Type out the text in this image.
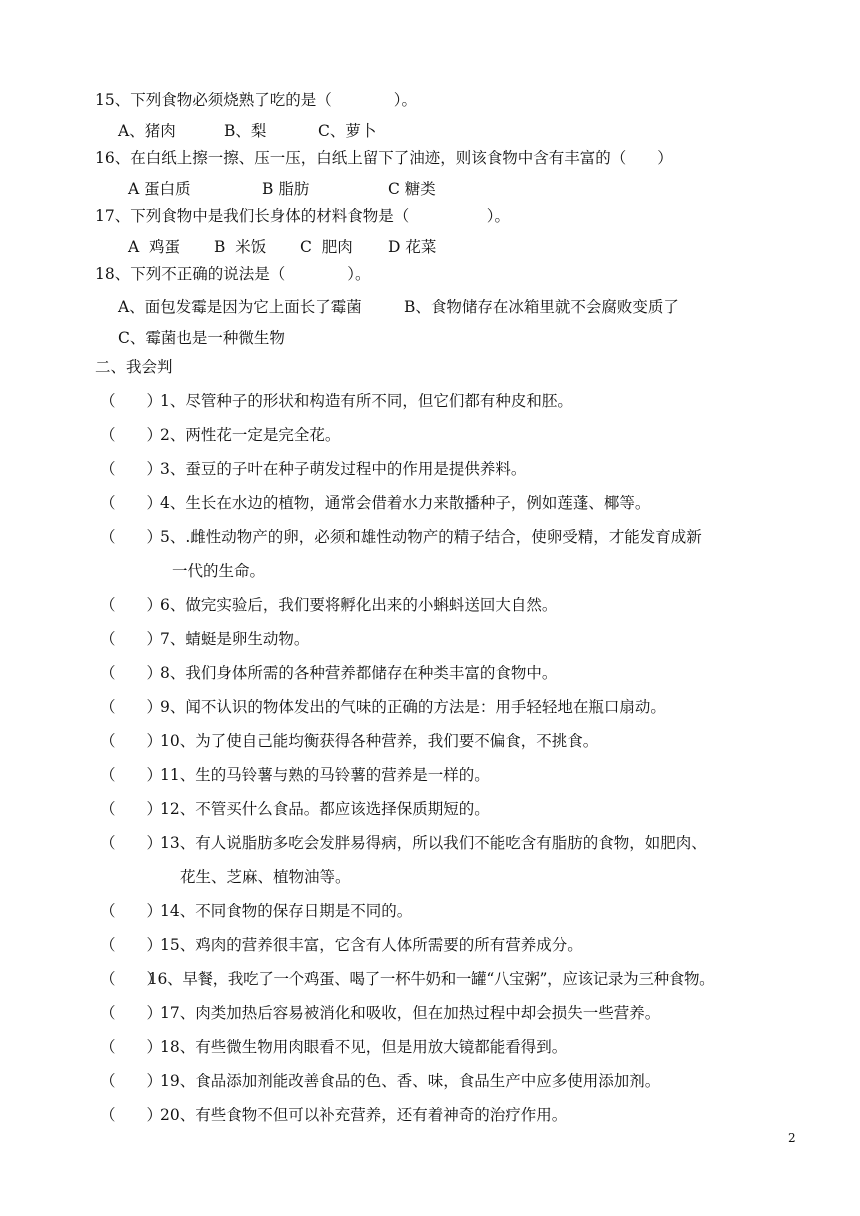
15、下列食物必须烧熟了吃的是（　　　　）。
A、猪肉	B、梨	C、萝卜
16、在白纸上擦一擦、压一压，白纸上留下了油迹，则该食物中含有丰富的（　　）
A 蛋白质	B 脂肪	C 糖类
17、下列食物中是我们长身体的材料食物是（　　　　　）。
A  鸡蛋 B  米饭 C  肥肉 D 花菜
18、下列不正确的说法是（　　　　）。
A、面包发霉是因为它上面长了霉菌	B、食物储存在冰箱里就不会腐败变质了
C、霉菌也是一种微生物
二、我会判
（　　）
1、尽管种子的形状和构造有所不同，但它们都有种皮和胚。
（　　）
2、两性花一定是完全花。
（　　）
3、蚕豆的子叶在种子萌发过程中的作用是提供养料。
（　　）
4、生长在水边的植物，通常会借着水力来散播种子，例如莲蓬、椰等。
（　　）
5、.雌性动物产的卵，必须和雄性动物产的精子结合，使卵受精，才能发育成新
一代的生命。
（　　）
6、做完实验后，我们要将孵化出来的小蝌蚪送回大自然。
（　　）
7、蜻蜓是卵生动物。
（　　）
8、我们身体所需的各种营养都储存在种类丰富的食物中。
（　　）
9、闻不认识的物体发出的气味的正确的方法是：用手轻轻地在瓶口扇动。
（　　）
10、为了使自己能均衡获得各种营养，我们要不偏食，不挑食。
（　　）
11、生的马铃薯与熟的马铃薯的营养是一样的。
（　　）
12、不管买什么食品。都应该选择保质期短的。
（　　）
13、有人说脂肪多吃会发胖易得病，所以我们不能吃含有脂肪的食物，如肥肉、
花生、芝麻、植物油等。
（　　）
14、不同食物的保存日期是不同的。
（　　）
15、鸡肉的营养很丰富，它含有人体所需要的所有营养成分。
（　　）
16、早餐，我吃了一个鸡蛋、喝了一杯牛奶和一罐“八宝粥”，应该记录为三种食物。
（　　）
17、肉类加热后容易被消化和吸收，但在加热过程中却会损失一些营养。
（　　）
18、有些微生物用肉眼看不见，但是用放大镜都能看得到。
（　　）
19、食品添加剂能改善食品的色、香、味，食品生产中应多使用添加剂。
（　　）
20、有些食物不但可以补充营养，还有着神奇的治疗作用。
2
